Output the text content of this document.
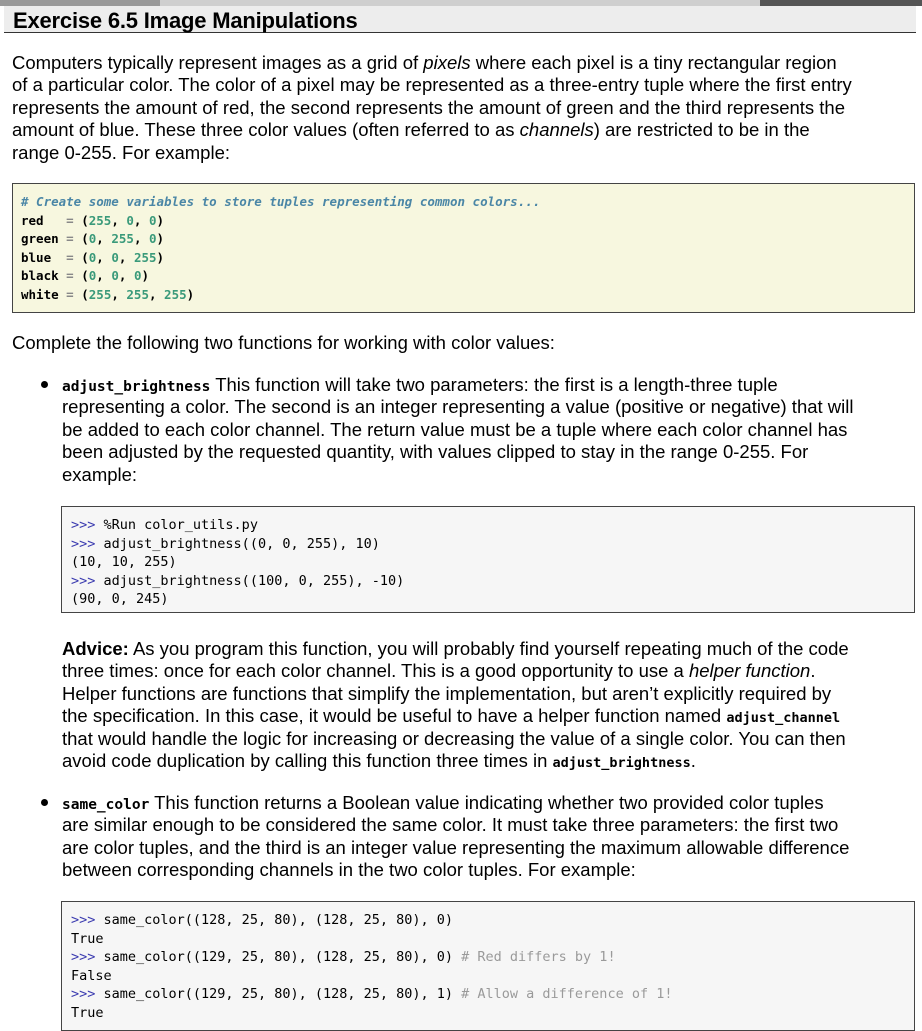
Exercise 6.5 Image Manipulations

Computers typically represent images as a grid of pixels where each pixel is a tiny rectangular region

of a particular color. The color of a pixel may be represented as a three-entry tuple where the first entry

represents the amount of red, the second represents the amount of green and the third represents the

amount of blue. These three color values (often referred to as channels) are restricted to be in the

range 0-255. For example:

# Create some variables to store tuples representing common colors...
red = (255, 0, 0)
green = (0, 255, 0)
blue = (0, 0, 255)
black = (0, 0, 0)
white = (255, 255, 255)

Complete the following two functions for working with color values:

adjust_brightness This function will take two parameters: the first is a length-three tuple

representing a color. The second is an integer representing a value (positive or negative) that will

be added to each color channel. The return value must be a tuple where each color channel has

been adjusted by the requested quantity, with values clipped to stay in the range 0-255. For

example:

>>> %Run color_utils.py
>>> adjust_brightness((0, 0, 255), 10)
(10, 10, 255)
>>> adjust_brightness((100, 0, 255), -10)
(90, 0, 245)

Advice: As you program this function, you will probably find yourself repeating much of the code

three times: once for each color channel. This is a good opportunity to use a helper function.

Helper functions are functions that simplify the implementation, but aren’t explicitly required by

the specification. In this case, it would be useful to have a helper function named adjust_channel

that would handle the logic for increasing or decreasing the value of a single color. You can then

avoid code duplication by calling this function three times in adjust_brightness.

same_color This function returns a Boolean value indicating whether two provided color tuples

are similar enough to be considered the same color. It must take three parameters: the first two

are color tuples, and the third is an integer value representing the maximum allowable difference

between corresponding channels in the two color tuples. For example:

>>> same_color((128, 25, 80), (128, 25, 80), 0)
True
>>> same_color((129, 25, 80), (128, 25, 80), 0) # Red differs by 1!
False
>>> same_color((129, 25, 80), (128, 25, 80), 1) # Allow a difference of 1!
True
